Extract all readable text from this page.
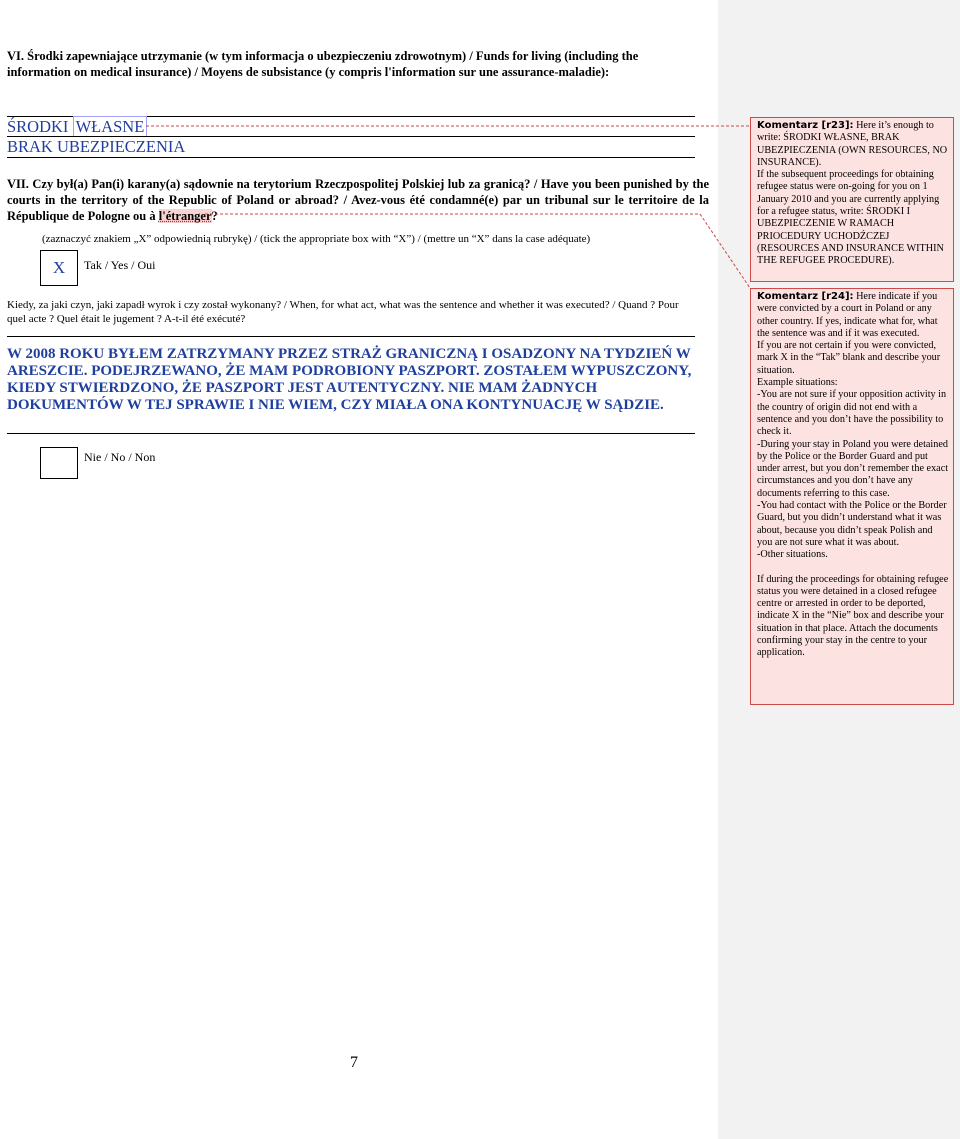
VI. Środki zapewniające utrzymanie (w tym informacja o ubezpieczeniu zdrowotnym) / Funds for living (including the information on medical insurance) / Moyens de subsistance (y compris l'information sur une assurance-maladie):
ŚRODKI WŁASNE
BRAK UBEZPIECZENIA
VII. Czy był(a) Pan(i) karany(a) sądownie na terytorium Rzeczpospolitej Polskiej lub za granicą? / Have you been punished by the courts in the territory of the Republic of Poland or abroad? / Avez-vous été condamné(e) par un tribunal sur le territoire de la République de Pologne ou à l'étranger?
(zaznaczyć znakiem „X” odpowiednią rubrykę) / (tick the appropriate box with “X”) / (mettre un “X” dans la case adéquate)
X	Tak / Yes / Oui
Kiedy, za jaki czyn, jaki zapadł wyrok i czy został wykonany? / When, for what act, what was the sentence and whether it was executed? / Quand ? Pour quel acte ? Quel était le jugement ? A-t-il été exécuté?
W 2008 ROKU BYŁEM ZATRZYMANY PRZEZ STRAŻ GRANICZNĄ I OSADZONY NA TYDZIEŃ W ARESZCIE. PODEJRZEWANO, ŻE MAM PODROBIONY PASZPORT. ZOSTAŁEM WYPUSZCZONY, KIEDY STWIERDZONO, ŻE PASZPORT JEST AUTENTYCZNY. NIE MAM ŻADNYCH DOKUMENTÓW W TEJ SPRAWIE I NIE WIEM, CZY MIAŁA ONA KONTYNUACJĘ W SĄDZIE.
Nie / No / Non
7

Komentarz [r23]: Here it’s enough to write: ŚRODKI WŁASNE, BRAK UBEZPIECZENIA (OWN RESOURCES, NO INSURANCE).

If the subsequent proceedings for obtaining refugee status were on-going for you on 1 January 2010 and you are currently applying for a refugee status, write: ŚRODKI I UBEZPIECZENIE W RAMACH PRIOCEDURY UCHODŹCZEJ (RESOURCES AND INSURANCE WITHIN THE REFUGEE PROCEDURE).

Komentarz [r24]: Here indicate if you were convicted by a court in Poland or any other country. If yes, indicate what for, what the sentence was and if it was executed.

If you are not certain if you were convicted, mark X in the “Tak” blank and describe your situation.

Example situations:

-You are not sure if your opposition activity in the country of origin did not end with a sentence and you don’t have the possibility to check it.

-During your stay in Poland you were detained by the Police or the Border Guard and put under arrest, but you don’t remember the exact circumstances and you don’t have any documents referring to this case.

-You had contact with the Police or the Border Guard, but you didn’t understand what it was about, because you didn’t speak Polish and you are not sure what it was about.

-Other situations.

If during the proceedings for obtaining refugee status you were detained in a closed refugee centre or arrested in order to be deported, indicate X in the “Nie” box and describe your situation in that place. Attach the documents confirming your stay in the centre to your application.
